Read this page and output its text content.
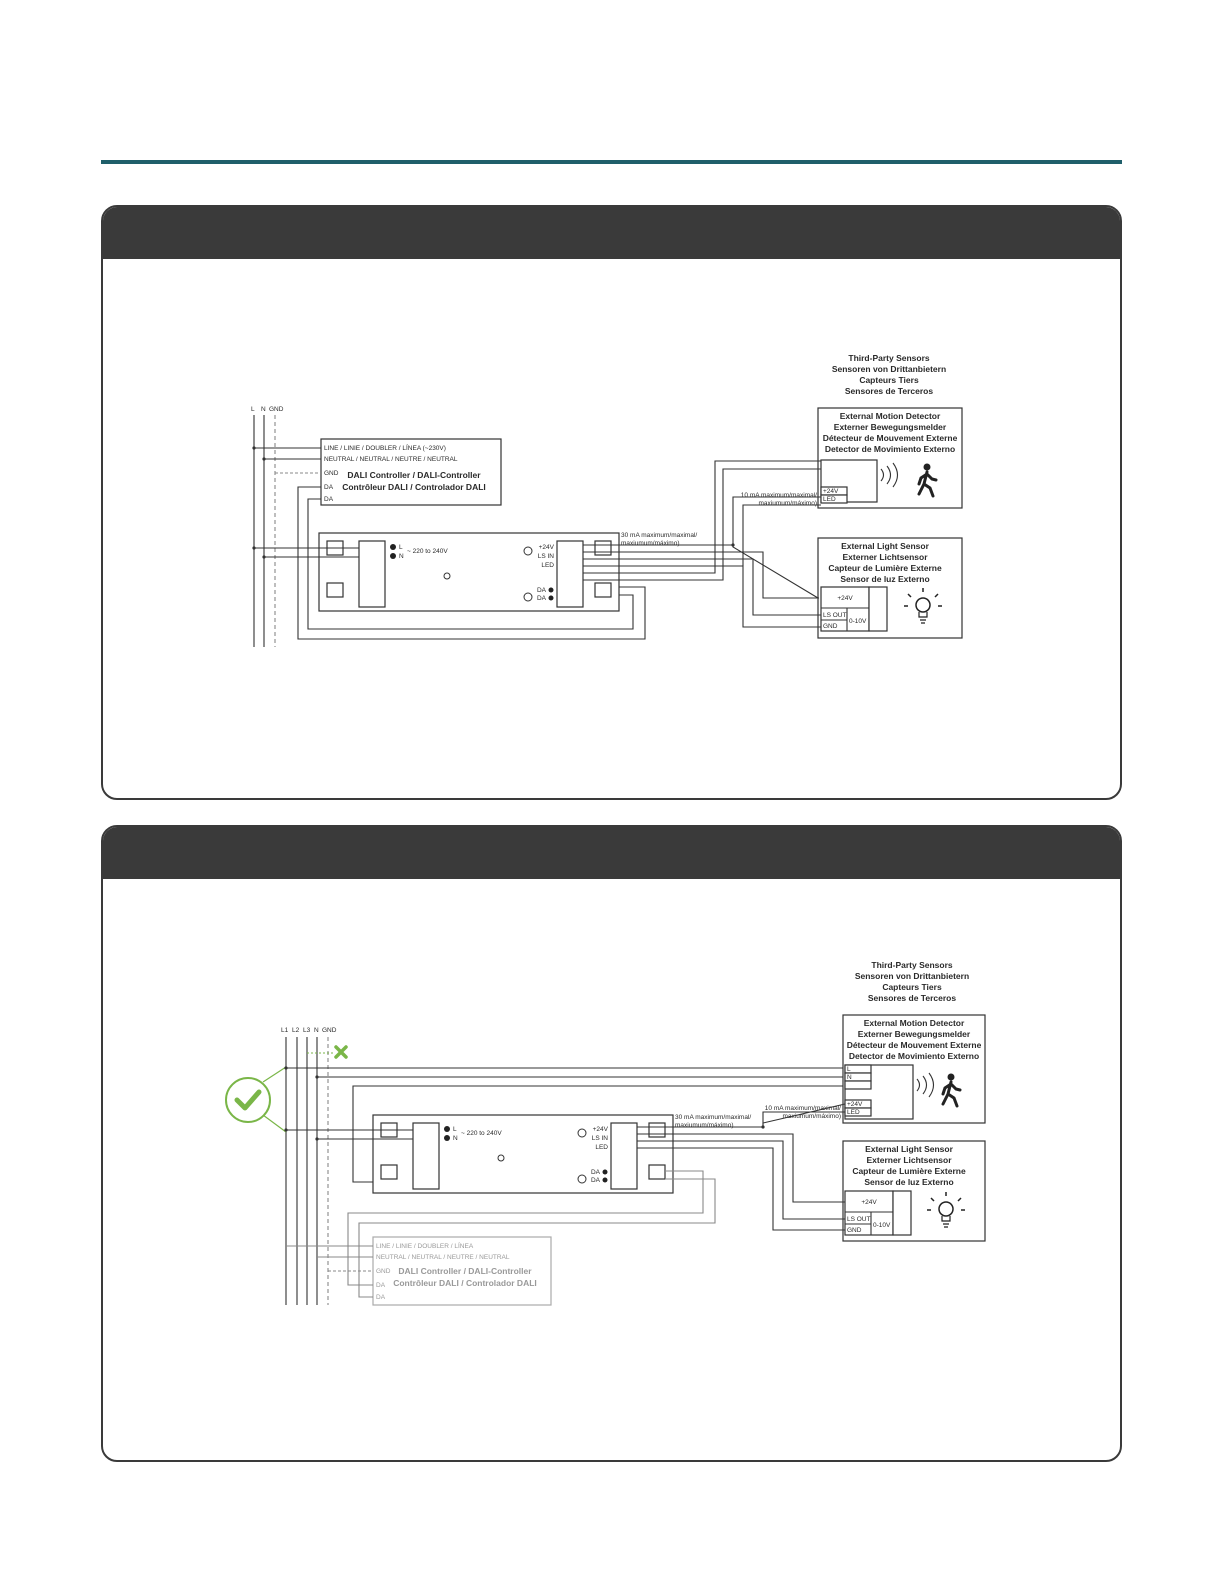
Third-Party Sensors
Sensoren von Drittanbietern
Capteurs Tiers
Sensores de Terceros
L N GND
LINE / LINIE / DOUBLER / LÍNEA (~230V)
NEUTRAL / NEUTRAL / NEUTRE / NEUTRAL
GND
DA
DA
DALI Controller / DALI-Controller
Contrôleur DALI / Controlador DALI
L
N
~ 220 to 240V
+24V
LS IN
LED
DA
DA
30 mA maximum/maximal/
maxiumum/máximo)
External Motion Detector
Externer Bewegungsmelder
Détecteur de Mouvement Externe
Detector de Movimiento Externo
+24V
LED
10 mA maximum/maximal/
maxiumum/máximo)
External Light Sensor
Externer Lichtsensor
Capteur de Lumière Externe
Sensor de luz Externo
+24V
LS OUT
GND
0-10V
Third-Party Sensors
Sensoren von Drittanbietern
Capteurs Tiers
Sensores de Terceros
L1 L2 L3 N GND
L
N
~ 220 to 240V
+24V
LS IN
LED
DA
DA
30 mA maximum/maximal/
maxiumum/máximo)
LINE / LINIE / DOUBLER / LÍNEA
NEUTRAL / NEUTRAL / NEUTRE / NEUTRAL
GND
DA
DA
DALI Controller / DALI-Controller
Contrôleur DALI / Controlador DALI
External Motion Detector
Externer Bewegungsmelder
Détecteur de Mouvement Externe
Detector de Movimiento Externo
L
N
+24V
LED
10 mA maximum/maximal/
maxiumum/máximo)
External Light Sensor
Externer Lichtsensor
Capteur de Lumière Externe
Sensor de luz Externo
+24V
LS OUT
GND
0-10V
